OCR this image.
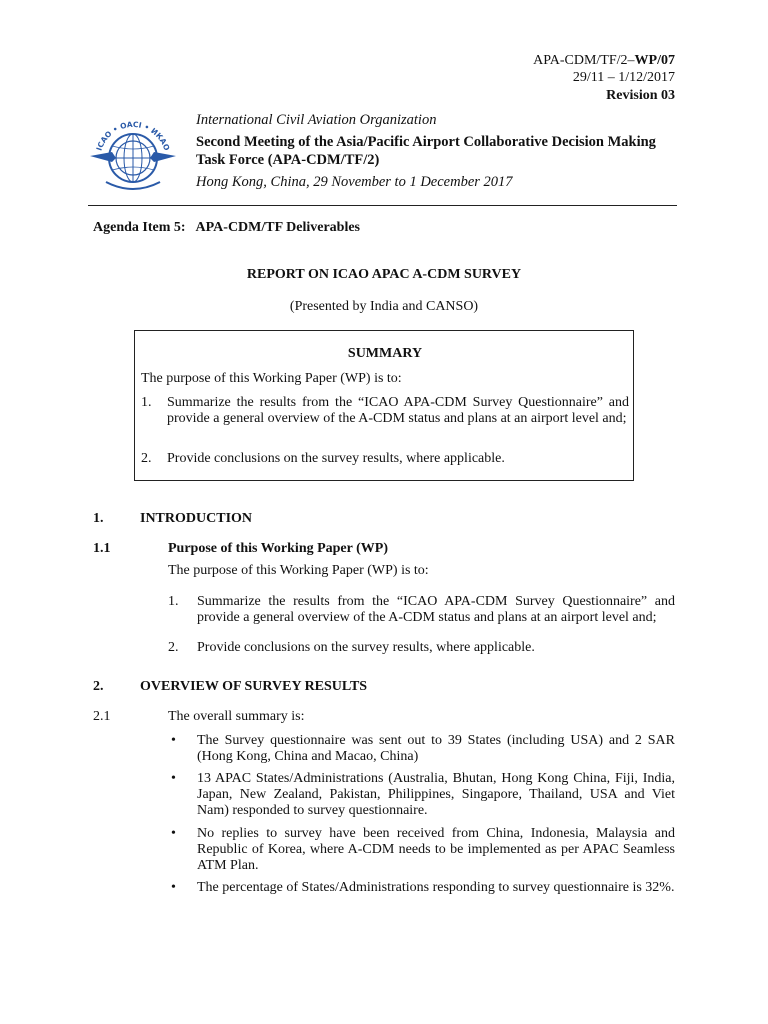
APA-CDM/TF/2–WP/07
29/11 – 1/12/2017
Revision 03
ICAO • OACI • ИКАО
International Civil Aviation Organization
Second Meeting of the Asia/Pacific Airport Collaborative Decision Making Task Force (APA-CDM/TF/2)
Hong Kong, China, 29 November to 1 December 2017
Agenda Item 5: APA-CDM/TF Deliverables
REPORT ON ICAO APAC A-CDM SURVEY
(Presented by India and CANSO)
SUMMARY
The purpose of this Working Paper (WP) is to:
1. Summarize the results from the “ICAO APA-CDM Survey Questionnaire” and provide a general overview of the A-CDM status and plans at an airport level and;
2. Provide conclusions on the survey results, where applicable.
1.	INTRODUCTION
1.1	Purpose of this Working Paper (WP)
The purpose of this Working Paper (WP) is to:
1. Summarize the results from the “ICAO APA-CDM Survey Questionnaire” and provide a general overview of the A-CDM status and plans at an airport level and;
2. Provide conclusions on the survey results, where applicable.
2.	OVERVIEW OF SURVEY RESULTS
2.1	The overall summary is:
• The Survey questionnaire was sent out to 39 States (including USA) and 2 SAR (Hong Kong, China and Macao, China)
• 13 APAC States/Administrations (Australia, Bhutan, Hong Kong China, Fiji, India, Japan, New Zealand, Pakistan, Philippines, Singapore, Thailand, USA and Viet Nam) responded to survey questionnaire.
• No replies to survey have been received from China, Indonesia, Malaysia and Republic of Korea, where A-CDM needs to be implemented as per APAC Seamless ATM Plan.
• The percentage of States/Administrations responding to survey questionnaire is 32%.
